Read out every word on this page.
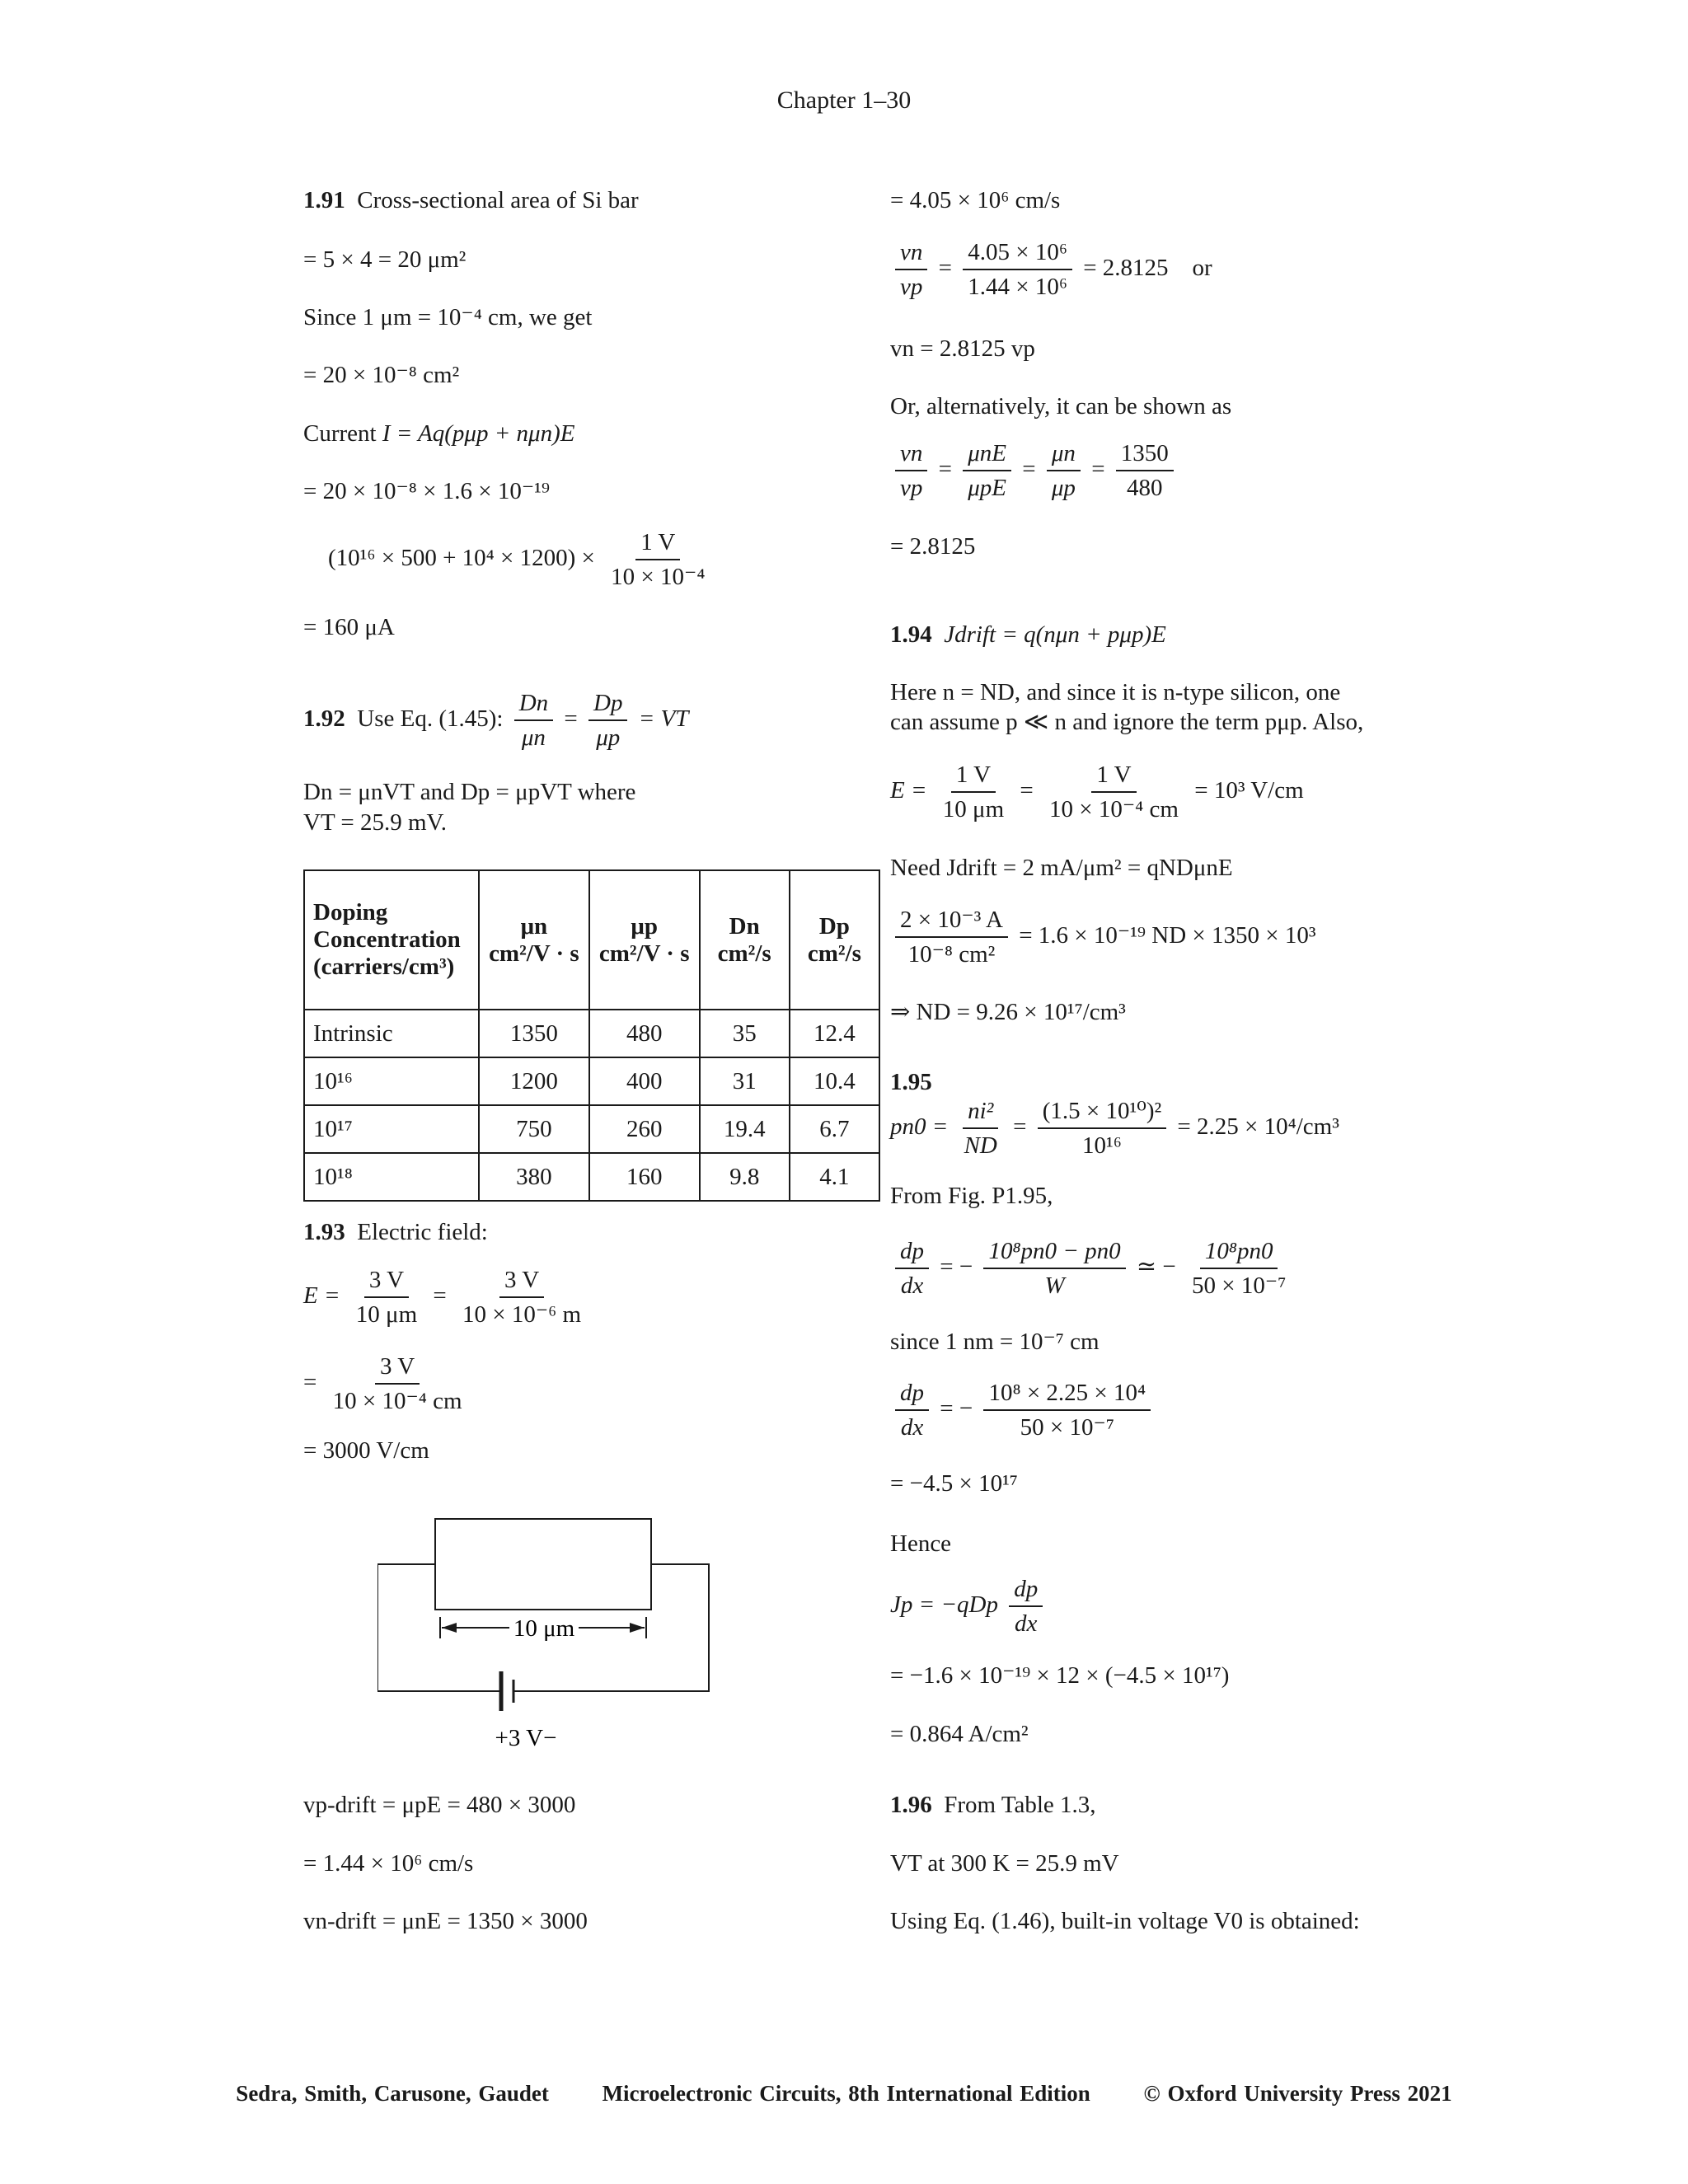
Chapter 1–30
1.91 Cross-sectional area of Si bar
= 5 × 4 = 20 μm²
Since 1 μm = 10⁻⁴ cm, we get
= 20 × 10⁻⁸ cm²
Current I = Aq(pμp + nμn)E
= 20 × 10⁻⁸ × 1.6 × 10⁻¹⁹
$(10^{16} \times 500 + 10^4 \times 1200) \times \frac{1 V}{\text{10 × 10⁻⁴}}$
= 160 μA
1.92 Use Eq. (1.45): $\frac{Dn}{\mu n} = \frac{Dp}{\mu p}$ = VT
Dn = μnVT and Dp = μpVT where
VT = 25.9 mV.
Doping Concentration (carriers/cm³)	μn cm²/V · s	μp cm²/V · s	Dn cm²/s	Dp cm²/s
Intrinsic	1350	480	35	12.4
10¹⁶	1200	400	31	10.4
10¹⁷	750	260	19.4	6.7
10¹⁸	380	160	9.8	4.1
1.93 Electric field:
$E = \frac{3 V}{10 \mu m} = \frac{3 V}{\text{10 × 10⁻⁶ m}}$
= $\frac{3 V}{\text{10 × 10⁻⁴ cm}}$
= 3000 V/cm
10 μm
+3 V−
vp-drift = μpE = 480 × 3000
= 1.44 × 10⁶ cm/s
vn-drift = μnE = 1350 × 3000
= 4.05 × 10⁶ cm/s
$\frac{vn}{vp} = \frac{\text{4.05 × 10⁶}}{\text{1.44 × 10⁶}} = 2.8125$    or
vn = 2.8125 vp
Or, alternatively, it can be shown as
$\frac{vn}{vp} = \frac{\text{μnE}}{\text{μpE}} = \frac{\mu n}{\mu p} = \frac{1350}{480}$
= 2.8125
1.94 Jdrift = q(nμn + pμp)E
Here n = ND, and since it is n-type silicon, one
can assume p ≪ n and ignore the term pμp. Also,
$E = \frac{1 V}{10 \mu m} = \frac{1 V}{\text{10 × 10⁻⁴ cm}} = 10^3$ V/cm
Need Jdrift = 2 mA/μm² = qNDμnE
$\frac{\text{2 × 10⁻³ A}}{\text{10⁻⁸ cm²}} = 1.6 \times 10^{-19}$ ND × 1350 × 10³
⇒ ND = 9.26 × 10¹⁷/cm³
1.95
$pn0 = \frac{\text{ni²}}{ND} = \frac{\text{(1.5 × 10¹⁰)²}}{\text{10¹⁶}} = 2.25 \times 10^4/cm^3$
From Fig. P1.95,
$\frac{dp}{dx}$ = − $\frac{\text{10⁸pn0 − pn0}}{W}$ ≃ − $\frac{\text{10⁸pn0}}{\text{50 × 10⁻⁷}}$
since 1 nm = 10⁻⁷ cm
$\frac{dp}{dx}$ = − $\frac{\text{10⁸ × 2.25 × 10⁴}}{\text{50 × 10⁻⁷}}$
= −4.5 × 10¹⁷
Hence
$Jp = -qDp \frac{dp}{dx}$
= −1.6 × 10⁻¹⁹ × 12 × (−4.5 × 10¹⁷)
= 0.864 A/cm²
1.96 From Table 1.3,
VT at 300 K = 25.9 mV
Using Eq. (1.46), built-in voltage V0 is obtained:
Sedra, Smith, Carusone, Gaudet Microelectronic Circuits, 8th International Edition © Oxford University Press 2021
